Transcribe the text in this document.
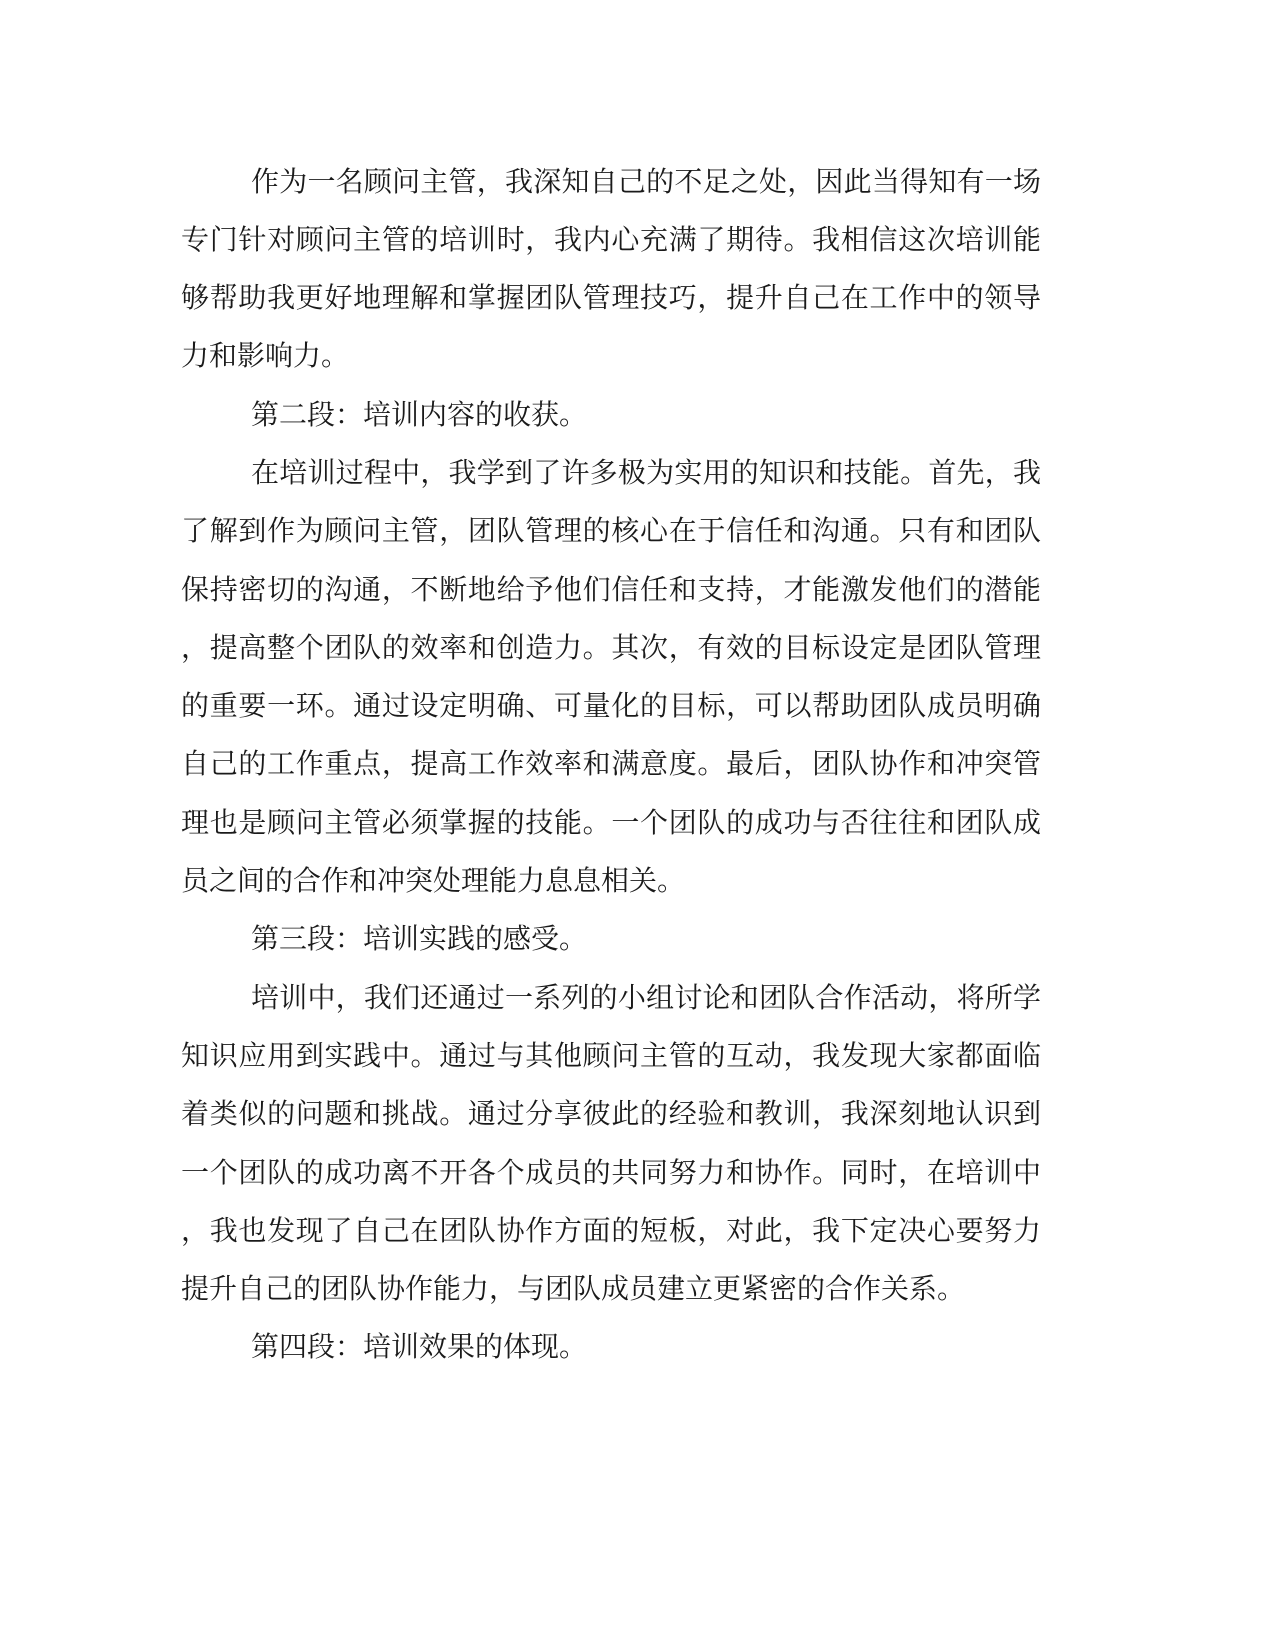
作为一名顾问主管，我深知自己的不足之处，因此当得知有一场
专门针对顾问主管的培训时，我内心充满了期待。我相信这次培训能
够帮助我更好地理解和掌握团队管理技巧，提升自己在工作中的领导
力和影响力。
第二段：培训内容的收获。
在培训过程中，我学到了许多极为实用的知识和技能。首先，我
了解到作为顾问主管，团队管理的核心在于信任和沟通。只有和团队
保持密切的沟通，不断地给予他们信任和支持，才能激发他们的潜能
，提高整个团队的效率和创造力。其次，有效的目标设定是团队管理
的重要一环。通过设定明确、可量化的目标，可以帮助团队成员明确
自己的工作重点，提高工作效率和满意度。最后，团队协作和冲突管
理也是顾问主管必须掌握的技能。一个团队的成功与否往往和团队成
员之间的合作和冲突处理能力息息相关。
第三段：培训实践的感受。
培训中，我们还通过一系列的小组讨论和团队合作活动，将所学
知识应用到实践中。通过与其他顾问主管的互动，我发现大家都面临
着类似的问题和挑战。通过分享彼此的经验和教训，我深刻地认识到
一个团队的成功离不开各个成员的共同努力和协作。同时，在培训中
，我也发现了自己在团队协作方面的短板，对此，我下定决心要努力
提升自己的团队协作能力，与团队成员建立更紧密的合作关系。
第四段：培训效果的体现。
